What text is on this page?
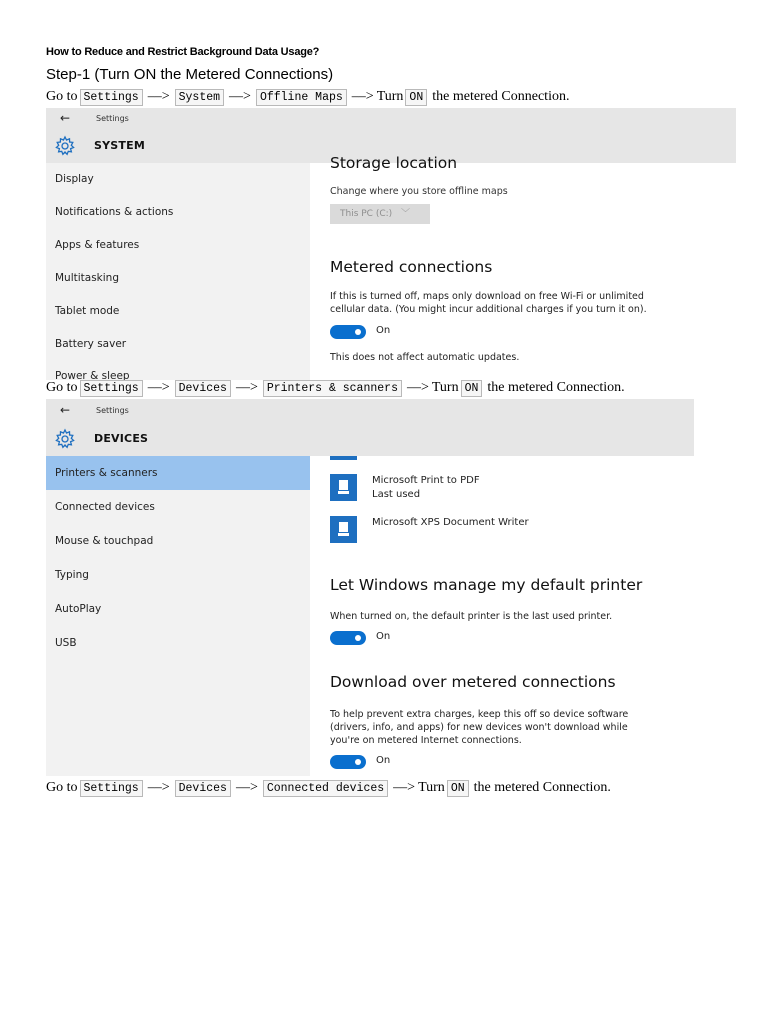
How to Reduce and Restrict Background Data Usage?
Step-1 (Turn ON the Metered Connections)
Go to Settings ––> System ––> Offline Maps ––> Turn ON the metered Connection.
←	Settings
SYSTEM
Display
Notifications & actions
Apps & features
Multitasking
Tablet mode
Battery saver
Power & sleep
Storage location
Change where you store offline maps
This PC (C:) ﹀
Metered connections
If this is turned off, maps only download on free Wi-Fi or unlimited
cellular data. (You might incur additional charges if you turn it on).
On
This does not affect automatic updates.
Go to Settings ––> Devices ––> Printers & scanners ––> Turn ON the metered Connection.
←	Settings
DEVICES
Printers & scanners
Connected devices
Mouse & touchpad
Typing
AutoPlay
USB
Microsoft Print to PDF
Last used
Microsoft XPS Document Writer
Let Windows manage my default printer
When turned on, the default printer is the last used printer.
On
Download over metered connections
To help prevent extra charges, keep this off so device software
(drivers, info, and apps) for new devices won't download while
you're on metered Internet connections.
On
Go to Settings ––> Devices ––> Connected devices ––> Turn ON the metered Connection.
